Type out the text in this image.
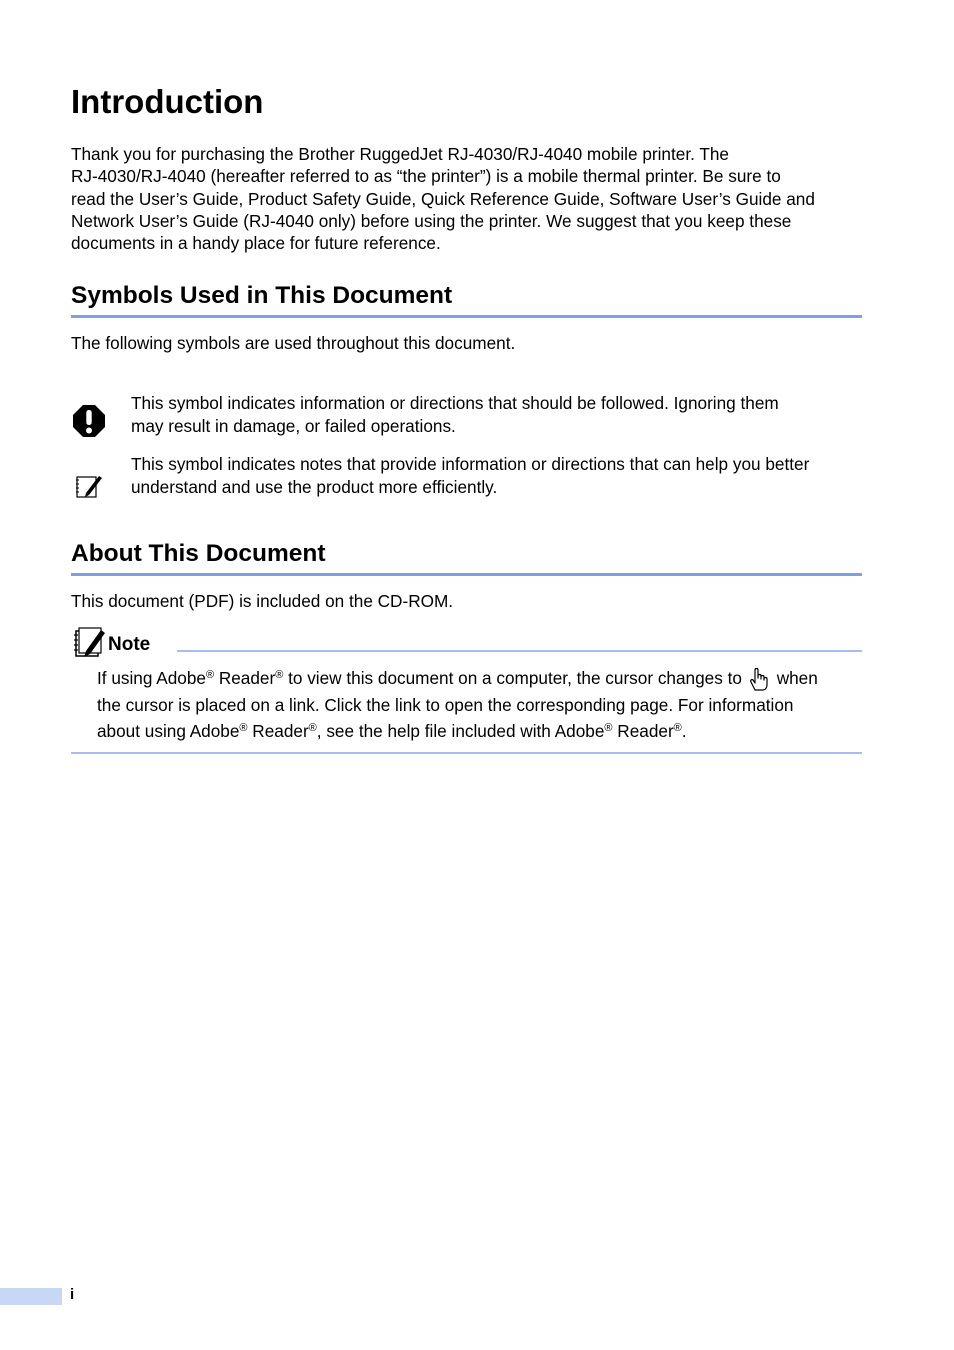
Introduction
Thank you for purchasing the Brother RuggedJet RJ-4030/RJ-4040 mobile printer. The
RJ-4030/RJ-4040 (hereafter referred to as “the printer”) is a mobile thermal printer. Be sure to
read the User’s Guide, Product Safety Guide, Quick Reference Guide, Software User’s Guide and
Network User’s Guide (RJ-4040 only) before using the printer. We suggest that you keep these
documents in a handy place for future reference.
Symbols Used in This Document
The following symbols are used throughout this document.
This symbol indicates information or directions that should be followed. Ignoring them
may result in damage, or failed operations.
This symbol indicates notes that provide information or directions that can help you better
understand and use the product more efficiently.
About This Document
This document (PDF) is included on the CD-ROM.
Note
If using Adobe® Reader® to view this document on a computer, the cursor changes to when
the cursor is placed on a link. Click the link to open the corresponding page. For information
about using Adobe® Reader®, see the help file included with Adobe® Reader®.
i
